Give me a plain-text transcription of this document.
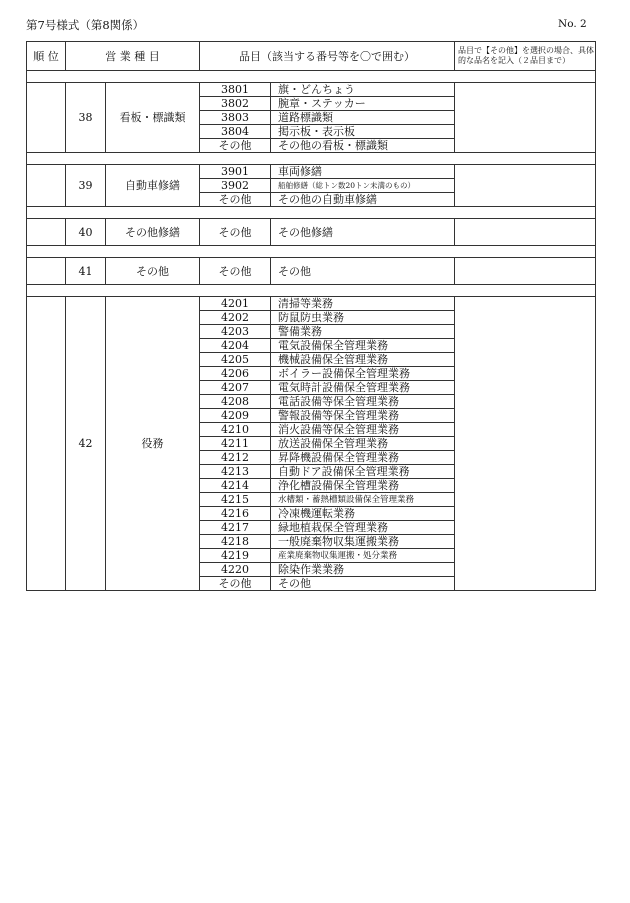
第7号様式（第8関係）	No. 2
順 位	営 業 種 目		品目（該当する番号等を〇で囲む）		品目で【その他】を選択の場合、具体的な品名を記入（２品目まで）

	38	看板・標識類	3801	旗・どんちょう	
			3802	腕章・ステッカー	
			3803	道路標識類	
			3804	掲示板・表示板	
			その他	その他の看板・標識類	

	39	自動車修繕	3901	車両修繕	
			3902	船舶修繕（総トン数20トン未満のもの）	
			その他	その他の自動車修繕	

	40	その他修繕	その他	その他修繕	

	41	その他	その他	その他	

	42	役務	4201	清掃等業務	
			4202	防鼠防虫業務	
			4203	警備業務	
			4204	電気設備保全管理業務	
			4205	機械設備保全管理業務	
			4206	ボイラー設備保全管理業務	
			4207	電気時計設備保全管理業務	
			4208	電話設備等保全管理業務	
			4209	警報設備等保全管理業務	
			4210	消火設備等保全管理業務	
			4211	放送設備保全管理業務	
			4212	昇降機設備保全管理業務	
			4213	自動ドア設備保全管理業務	
			4214	浄化槽設備保全管理業務	
			4215	水槽類・蓄熱槽類設備保全管理業務	
			4216	冷凍機運転業務	
			4217	緑地植栽保全管理業務	
			4218	一般廃棄物収集運搬業務	
			4219	産業廃棄物収集運搬・処分業務	
			4220	除染作業業務	
			その他	その他	
